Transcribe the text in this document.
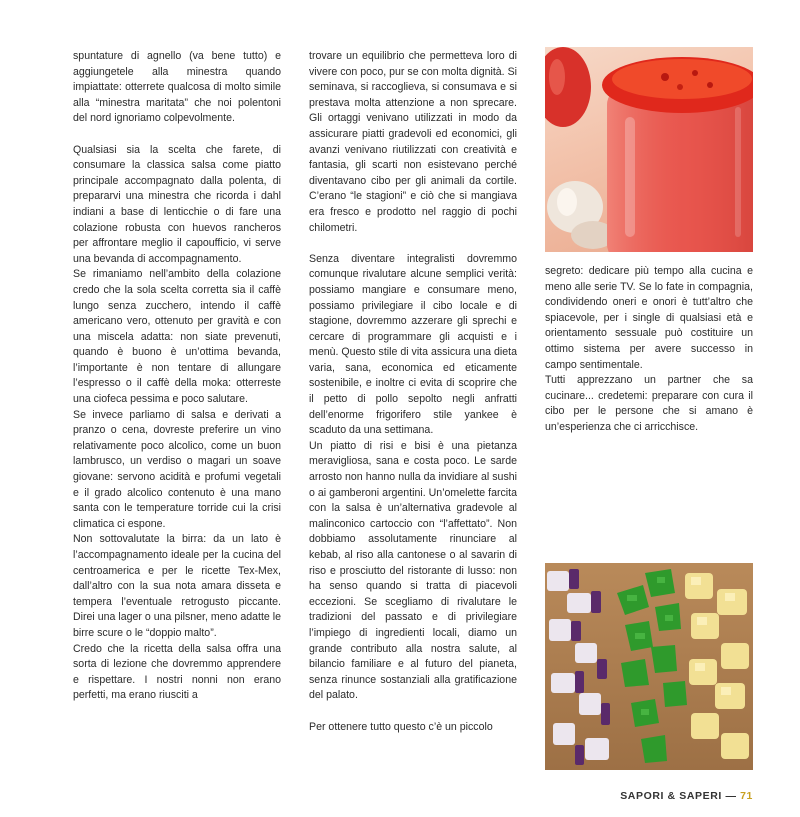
spuntature di agnello (va bene tutto) e aggiungetele alla minestra quando impiattate: otterrete qualcosa di molto simile alla “minestra maritata” che noi polentoni del nord ignoriamo colpevolmente.

Qualsiasi sia la scelta che farete, di consumare la classica salsa come piatto principale accompagnato dalla polenta, di prepararvi una minestra che ricorda i dahl indiani a base di lenticchie o di fare una colazione robusta con huevos rancheros per affrontare meglio il capoufficio, vi serve una bevanda di accompagnamento.

Se rimaniamo nell’ambito della colazione credo che la sola scelta corretta sia il caffè lungo senza zucchero, intendo il caffè americano vero, ottenuto per gravità e con una miscela adatta: non siate prevenuti, quando è buono è un’ottima bevanda, l’importante è non tentare di allungare l’espresso o il caffè della moka: otterreste una ciofeca pessima e poco salutare.

Se invece parliamo di salsa e derivati a pranzo o cena, dovreste preferire un vino relativamente poco alcolico, come un buon lambrusco, un verdiso o magari un soave giovane: servono acidità e profumi vegetali e il grado alcolico contenuto è una mano santa con le temperature torride cui la crisi climatica ci espone.

Non sottovalutate la birra: da un lato è l’accompagnamento ideale per la cucina del centroamerica e per le ricette Tex-Mex, dall’altro con la sua nota amara disseta e tempera l’eventuale retrogusto piccante. Direi una lager o una pilsner, meno adatte le birre scure o le “doppio malto”.

Credo che la ricetta della salsa offra una sorta di lezione che dovremmo apprendere e rispettare. I nostri nonni non erano perfetti, ma erano riusciti a

trovare un equilibrio che permetteva loro di vivere con poco, pur se con molta dignità. Si seminava, si raccoglieva, si consumava e si prestava molta attenzione a non sprecare. Gli ortaggi venivano utilizzati in modo da assicurare piatti gradevoli ed economici, gli avanzi venivano riutilizzati con creatività e fantasia, gli scarti non esistevano perché diventavano cibo per gli animali da cortile. C’erano “le stagioni” e ciò che si mangiava era fresco e prodotto nel raggio di pochi chilometri.

Senza diventare integralisti dovremmo comunque rivalutare alcune semplici verità: possiamo mangiare e consumare meno, possiamo privilegiare il cibo locale e di stagione, dovremmo azzerare gli sprechi e cercare di programmare gli acquisti e i menù. Questo stile di vita assicura una dieta varia, sana, economica ed eticamente sostenibile, e inoltre ci evita di scoprire che il petto di pollo sepolto negli anfratti dell’enorme frigorifero stile yankee è scaduto da una settimana.

Un piatto di risi e bisi è una pietanza meravigliosa, sana e costa poco. Le sarde arrosto non hanno nulla da invidiare al sushi o ai gamberoni argentini. Un’omelette farcita con la salsa è un’alternativa gradevole al malinconico cartoccio con “l’affettato”. Non dobbiamo assolutamente rinunciare al kebab, al riso alla cantonese o al savarin di riso e prosciutto del ristorante di lusso: non ha senso quando si tratta di piacevoli eccezioni. Se scegliamo di rivalutare le tradizioni del passato e di privilegiare l’impiego di ingredienti locali, diamo un grande contributo alla nostra salute, al bilancio familiare e al futuro del pianeta, senza rinunce sostanziali alla gratificazione del palato.

Per ottenere tutto questo c’è un piccolo

segreto: dedicare più tempo alla cucina e meno alle serie TV. Se lo fate in compagnia, condividendo oneri e onori è tutt’altro che spiacevole, per i single di qualsiasi età e orientamento sessuale può costituire un ottimo sistema per avere successo in campo sentimentale.

Tutti apprezzano un partner che sa cucinare... credetemi: preparare con cura il cibo per le persone che si amano è un’esperienza che ci arricchisce.

SAPORI & SAPERI — 71
